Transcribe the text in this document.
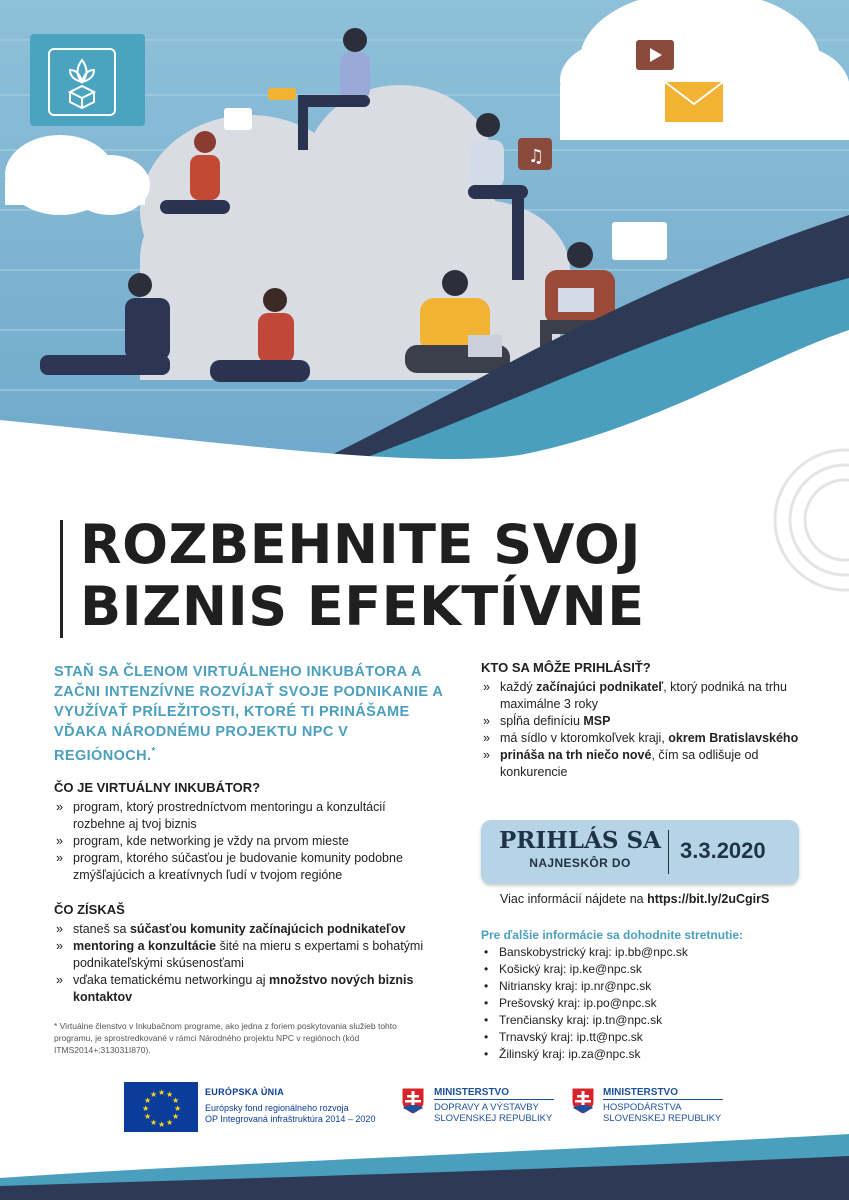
♫
ROZBEHNITE SVOJ
BIZNIS EFEKTÍVNE

STAŇ SA ČLENOM VIRTUÁLNEHO INKUBÁTORA A ZAČNI INTENZÍVNE ROZVÍJAŤ SVOJE PODNIKANIE A VYUŽÍVAŤ PRÍLEŽITOSTI, KTORÉ TI PRINÁŠAME VĎAKA NÁRODNÉMU PROJEKTU NPC V REGIÓNOCH.*

ČO JE VIRTUÁLNY INKUBÁTOR?
» program, ktorý prostredníctvom mentoringu a konzultácií rozbehne aj tvoj biznis
» program, kde networking je vždy na prvom mieste
» program, ktorého súčasťou je budovanie komunity podobne zmýšľajúcich a kreatívnych ľudí v tvojom regióne
ČO ZÍSKAŠ
» staneš sa súčasťou komunity začínajúcich podnikateľov
» mentoring a konzultácie šité na mieru s expertami s bohatými podnikateľskými skúsenosťami
» vďaka tematickému networkingu aj množstvo nových biznis kontaktov
* Virtuálne členstvo v Inkubačnom programe, ako jedna z foriem poskytovania služieb tohto programu, je sprostredkované v rámci Národného projektu NPC v regiónoch (kód ITMS2014+:313031I870).
KTO SA MÔŽE PRIHLÁSIŤ?
» každý začínajúci podnikateľ, ktorý podniká na trhu maximálne 3 roky
» spĺňa definíciu MSP
» má sídlo v ktoromkoľvek kraji, okrem Bratislavského
» prináša na trh niečo nové, čím sa odlišuje od konkurencie
PRIHLÁS SA
NAJNESKÔR DO	3.3.2020
Viac informácií nájdete na https://bit.ly/2uCgirS
Pre ďalšie informácie sa dohodnite stretnutie:
• Banskobystrický kraj: ip.bb@npc.sk
• Košický kraj: ip.ke@npc.sk
• Nitriansky kraj: ip.nr@npc.sk
• Prešovský kraj: ip.po@npc.sk
• Trenčiansky kraj: ip.tn@npc.sk
• Trnavský kraj: ip.tt@npc.sk
• Žilinský kraj: ip.za@npc.sk
★ ★
★
★
★
★
★
★
★
★
★
★	EURÓPSKA ÚNIA
Európsky fond regionálneho rozvoja
OP Integrovaná infraštruktúra 2014 – 2020
MINISTERSTVO
DOPRAVY A VÝSTAVBY
SLOVENSKEJ REPUBLIKY
MINISTERSTVO
HOSPODÁRSTVA
SLOVENSKEJ REPUBLIKY
